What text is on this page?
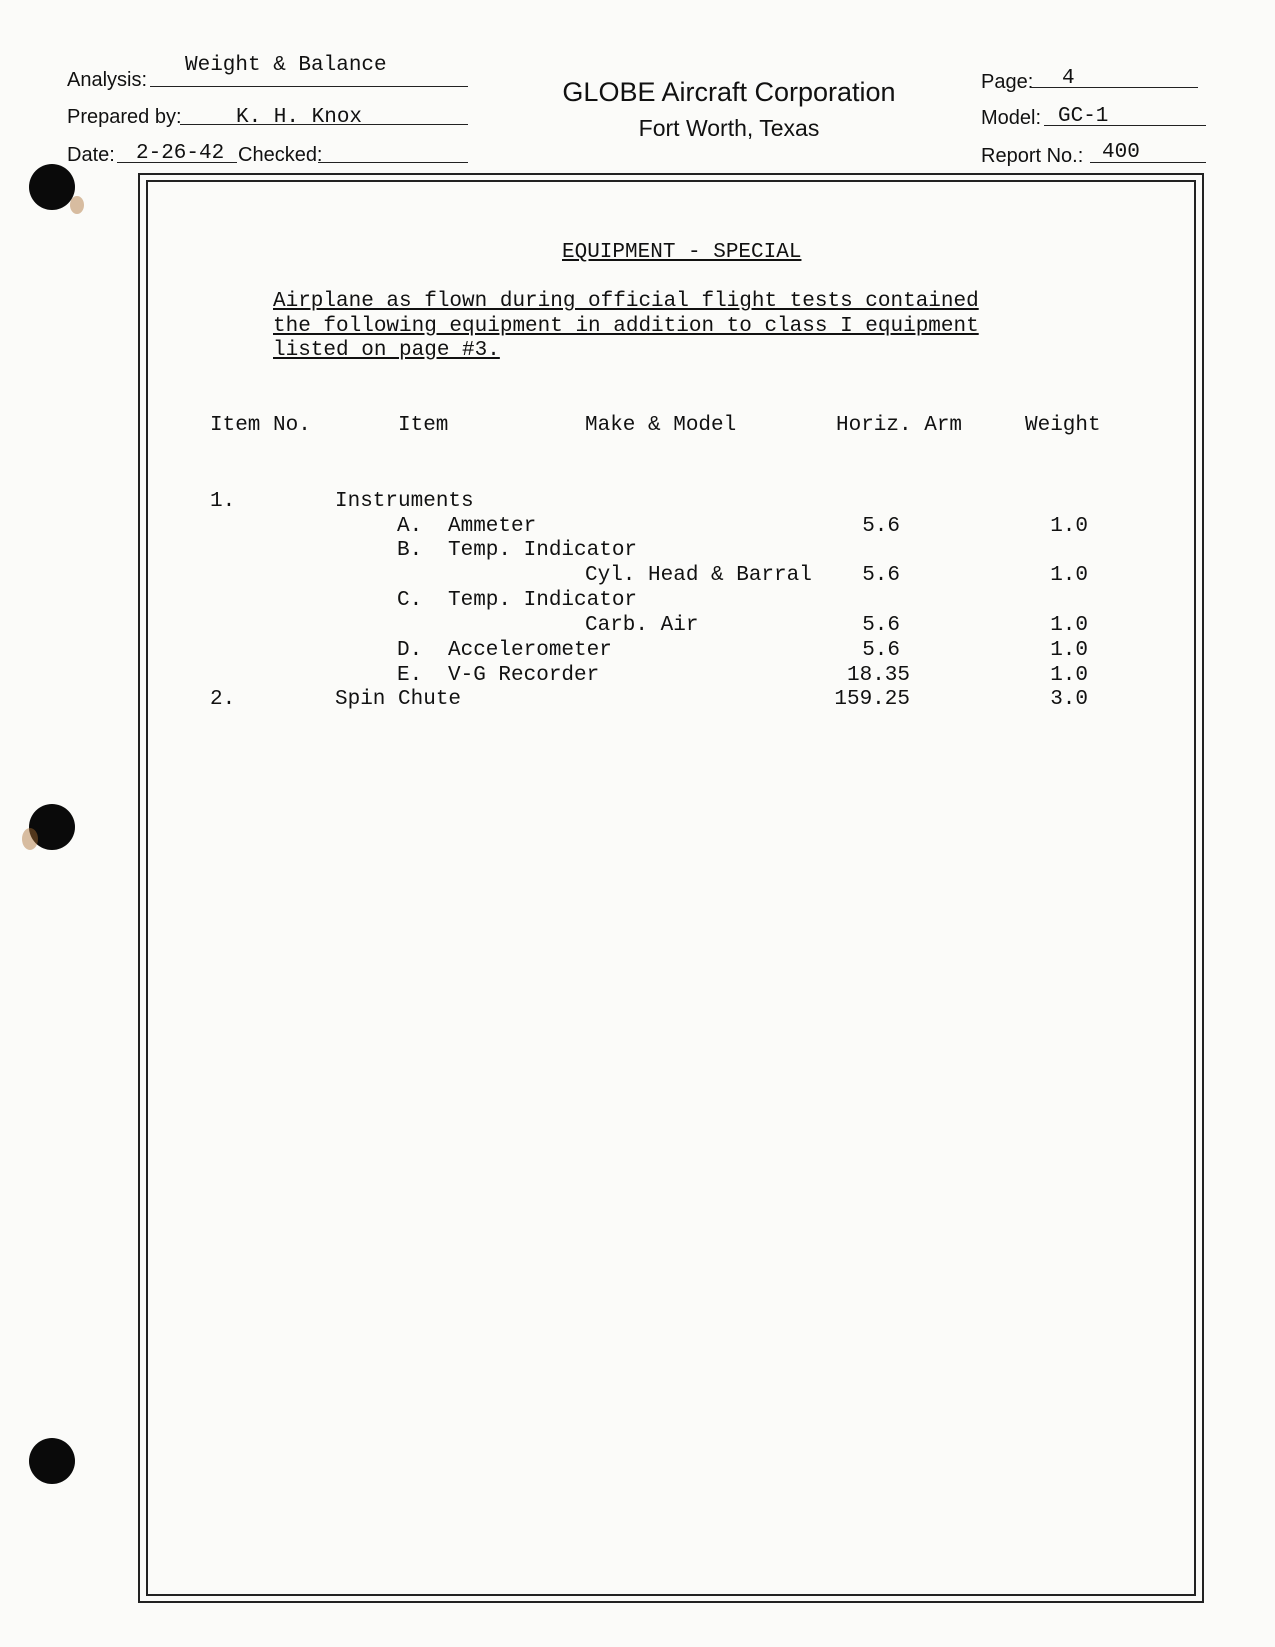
Analysis:
Weight & Balance
Prepared by:	K. H. Knox
Date: 2-26-42 Checked:
GLOBE Aircraft Corporation
Fort Worth, Texas
Page: 4
Model: GC-1
Report No.: 400
EQUIPMENT - SPECIAL
Airplane as flown during official flight tests contained
the following equipment in addition to class I equipment
listed on page #3.
Item No.	Item	Make & Model	Horiz. Arm	Weight
1.	Instruments
A. Ammeter	5.6	1.0
B. Temp. Indicator
Cyl. Head & Barral	5.6	1.0
C. Temp. Indicator
Carb. Air	5.6	1.0
D. Accelerometer	5.6	1.0
E. V-G Recorder	18.35	1.0
2.	Spin Chute	159.25	3.0
